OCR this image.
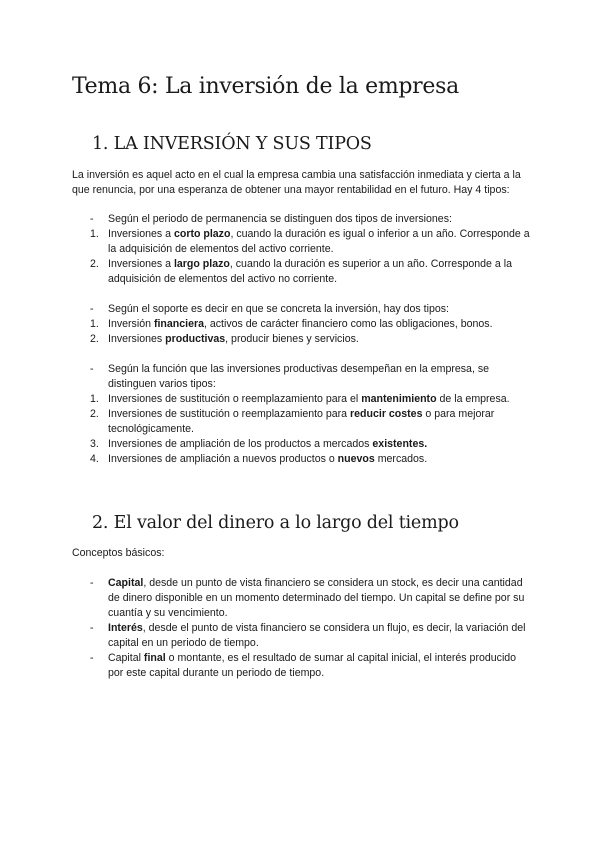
Tema 6: La inversión de la empresa
1. LA INVERSIÓN Y SUS TIPOS

La inversión es aquel acto en el cual la empresa cambia una satisfacción inmediata y cierta a la que renuncia, por una esperanza de obtener una mayor rentabilidad en el futuro. Hay 4 tipos:

- Según el periodo de permanencia se distinguen dos tipos de inversiones:
1. Inversiones a corto plazo, cuando la duración es igual o inferior a un año. Corresponde a la adquisición de elementos del activo corriente.
2. Inversiones a largo plazo, cuando la duración es superior a un año. Corresponde a la adquisición de elementos del activo no corriente.
- Según el soporte es decir en que se concreta la inversión, hay dos tipos:
1. Inversión financiera, activos de carácter financiero como las obligaciones, bonos.
2. Inversiones productivas, producir bienes y servicios.
- Según la función que las inversiones productivas desempeñan en la empresa, se distinguen varios tipos:
1. Inversiones de sustitución o reemplazamiento para el mantenimiento de la empresa.
2. Inversiones de sustitución o reemplazamiento para reducir costes o para mejorar tecnológicamente.
3. Inversiones de ampliación de los productos a mercados existentes.
4. Inversiones de ampliación a nuevos productos o nuevos mercados.
2. El valor del dinero a lo largo del tiempo

Conceptos básicos:

- Capital, desde un punto de vista financiero se considera un stock, es decir una cantidad de dinero disponible en un momento determinado del tiempo. Un capital se define por su cuantía y su vencimiento.
- Interés, desde el punto de vista financiero se considera un flujo, es decir, la variación del capital en un periodo de tiempo.
- Capital final o montante, es el resultado de sumar al capital inicial, el interés producido por este capital durante un periodo de tiempo.
